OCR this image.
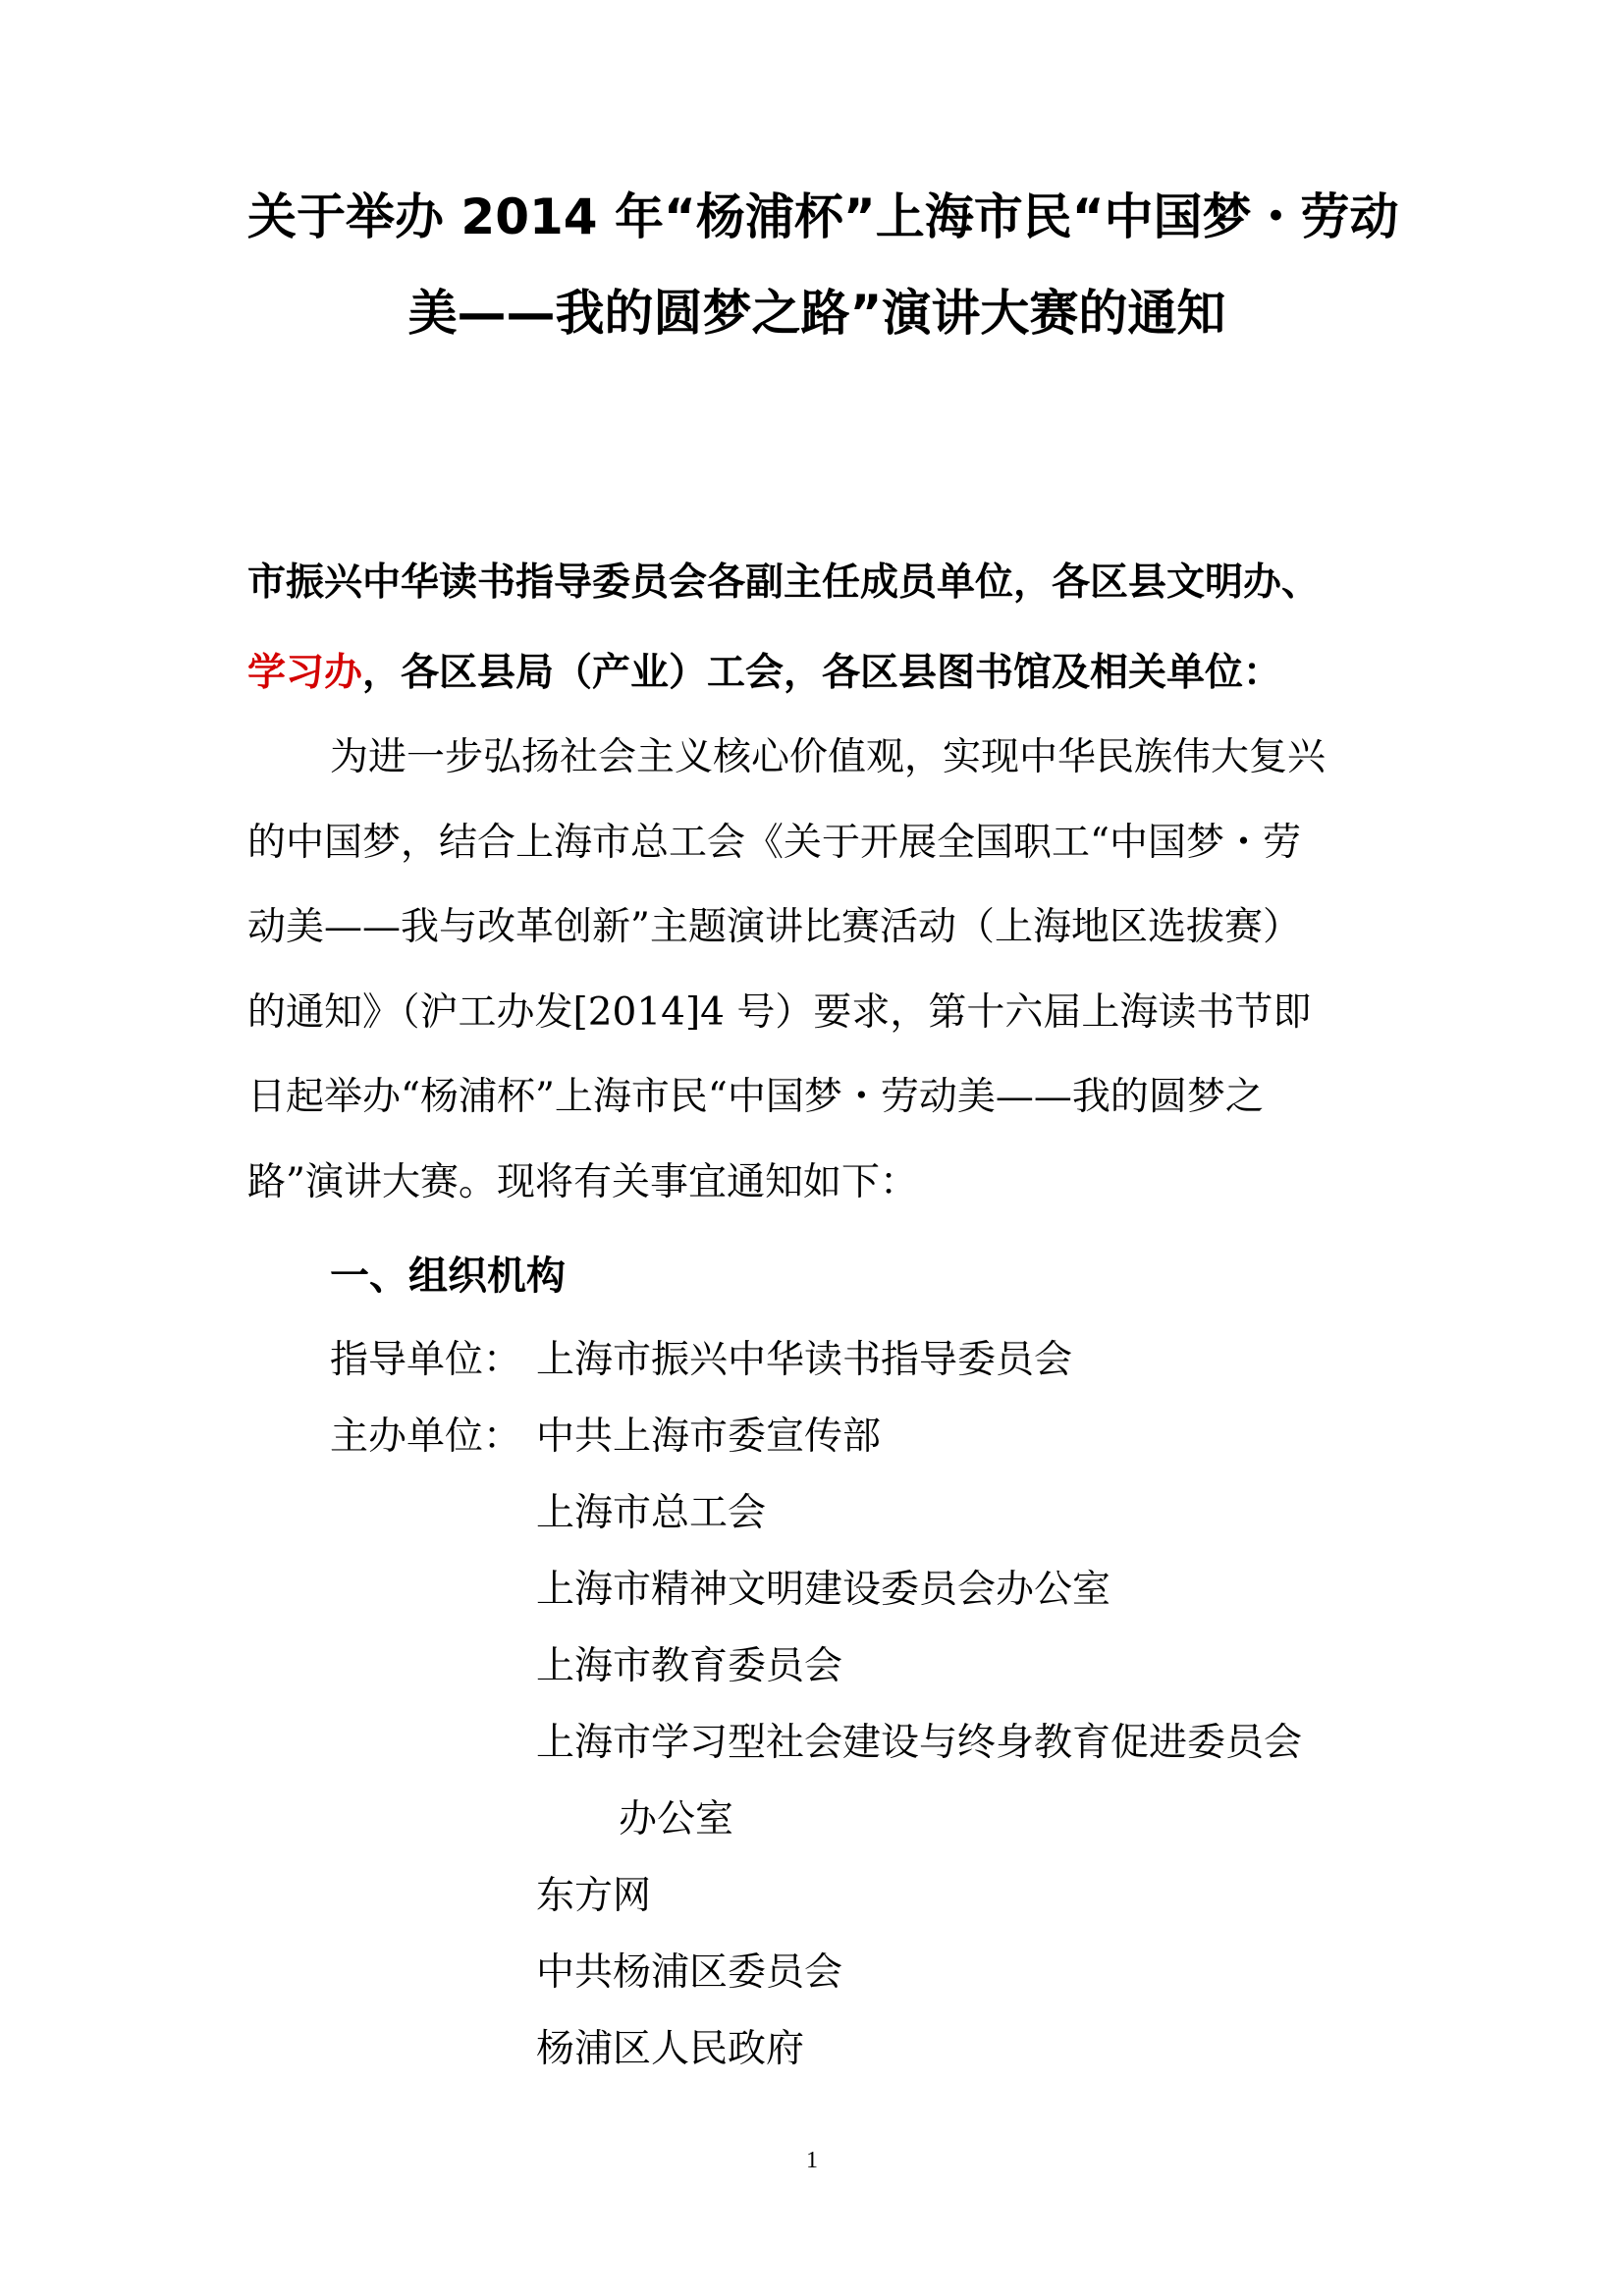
关于举办 2014 年“杨浦杯”上海市民“中国梦・劳动
美——我的圆梦之路”演讲大赛的通知
市振兴中华读书指导委员会各副主任成员单位，各区县文明办、
学习办，各区县局（产业）工会，各区县图书馆及相关单位：
为进一步弘扬社会主义核心价值观，实现中华民族伟大复兴
的中国梦，结合上海市总工会《关于开展全国职工“中国梦・劳
动美——我与改革创新”主题演讲比赛活动（上海地区选拔赛）
的通知》（沪工办发[2014]4 号）要求，第十六届上海读书节即
日起举办“杨浦杯”上海市民“中国梦・劳动美——我的圆梦之
路”演讲大赛。现将有关事宜通知如下：
一、组织机构
指导单位： 上海市振兴中华读书指导委员会
主办单位： 中共上海市委宣传部
上海市总工会
上海市精神文明建设委员会办公室
上海市教育委员会
上海市学习型社会建设与终身教育促进委员会
办公室
东方网
中共杨浦区委员会
杨浦区人民政府
1
